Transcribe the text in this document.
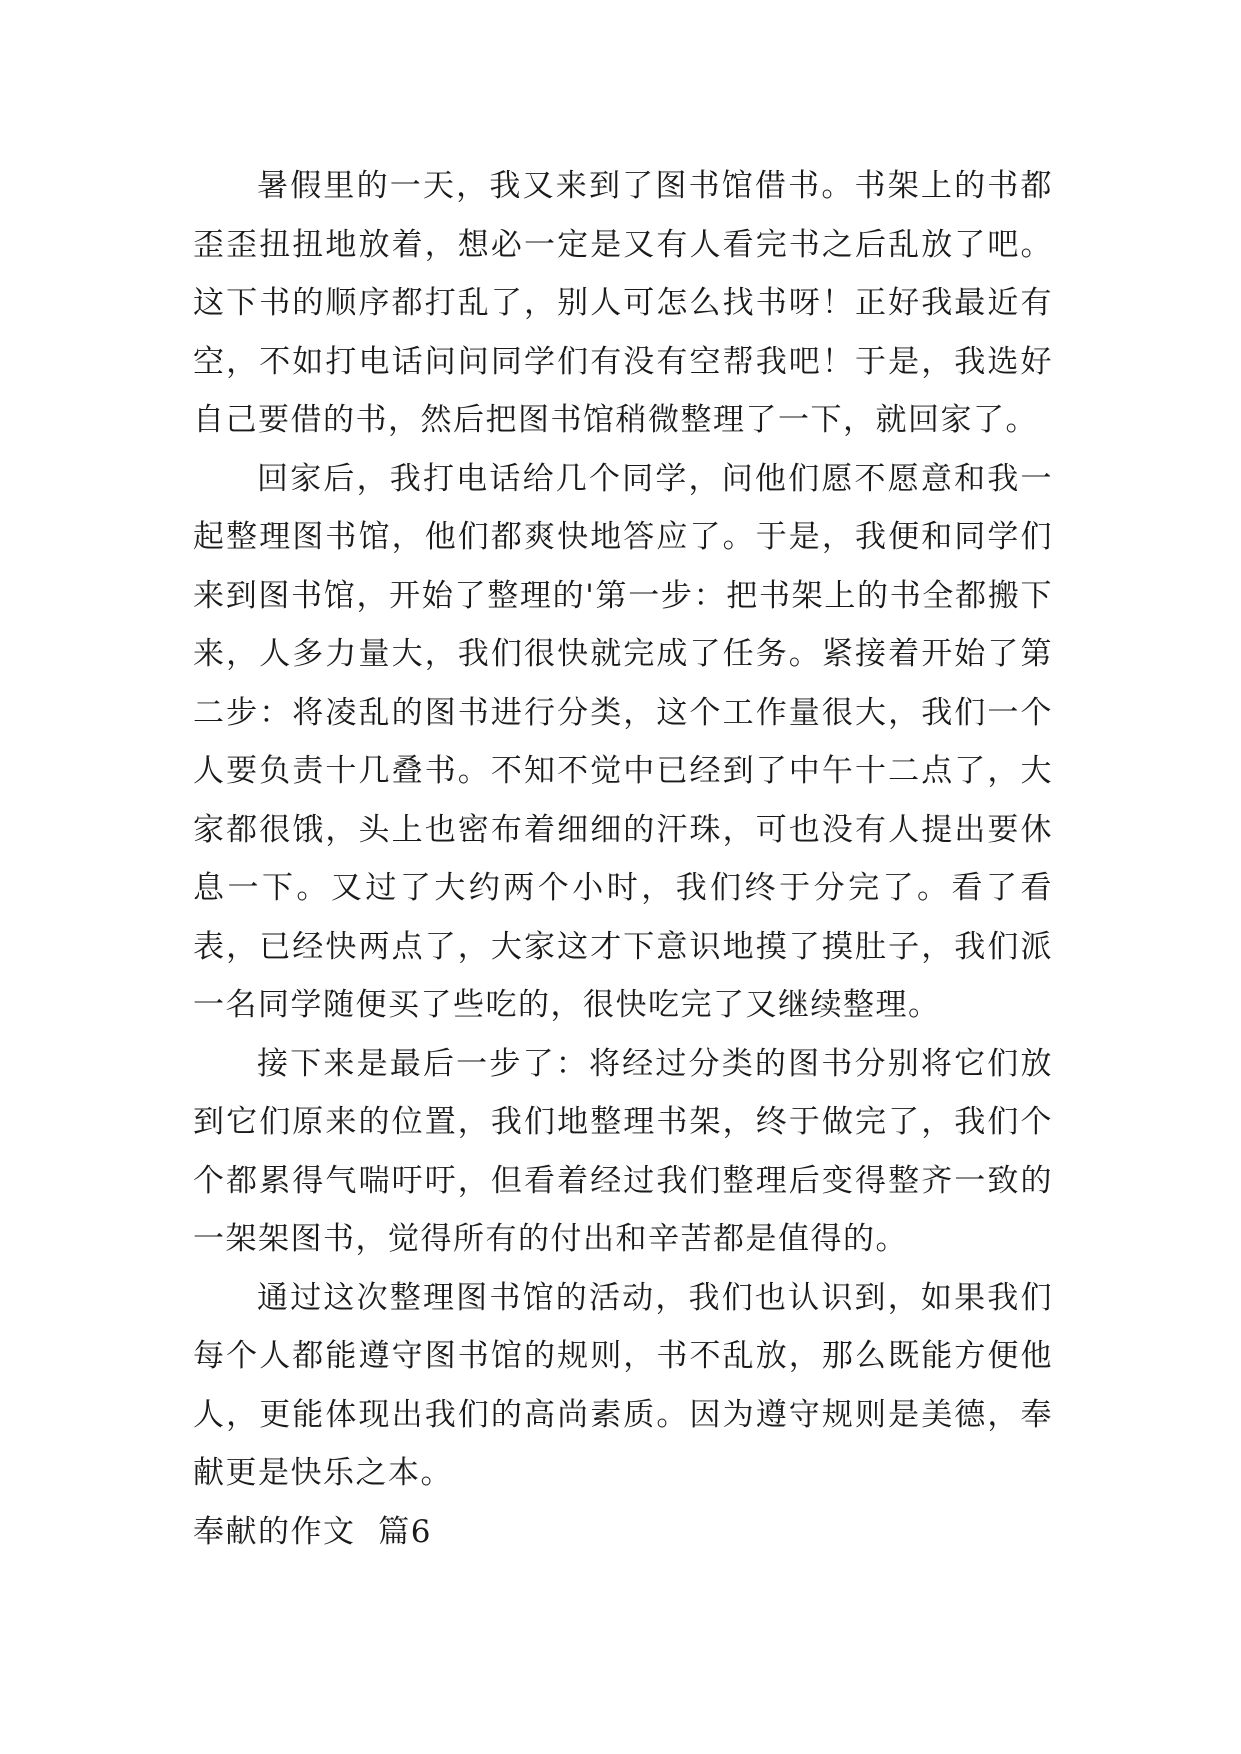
暑假里的一天，我又来到了图书馆借书。书架上的书都歪歪扭扭地放着，想必一定是又有人看完书之后乱放了吧。这下书的顺序都打乱了，别人可怎么找书呀！正好我最近有空，不如打电话问问同学们有没有空帮我吧！于是，我选好自己要借的书，然后把图书馆稍微整理了一下，就回家了。

回家后，我打电话给几个同学，问他们愿不愿意和我一起整理图书馆，他们都爽快地答应了。于是，我便和同学们来到图书馆，开始了整理的'第一步：把书架上的书全都搬下来，人多力量大，我们很快就完成了任务。紧接着开始了第二步：将凌乱的图书进行分类，这个工作量很大，我们一个人要负责十几叠书。不知不觉中已经到了中午十二点了，大家都很饿，头上也密布着细细的汗珠，可也没有人提出要休息一下。又过了大约两个小时，我们终于分完了。看了看表，已经快两点了，大家这才下意识地摸了摸肚子，我们派一名同学随便买了些吃的，很快吃完了又继续整理。

接下来是最后一步了：将经过分类的图书分别将它们放到它们原来的位置，我们地整理书架，终于做完了，我们个个都累得气喘吁吁，但看着经过我们整理后变得整齐一致的一架架图书，觉得所有的付出和辛苦都是值得的。

通过这次整理图书馆的活动，我们也认识到，如果我们每个人都能遵守图书馆的规则，书不乱放，那么既能方便他人，更能体现出我们的高尚素质。因为遵守规则是美德，奉献更是快乐之本。

奉献的作文  篇6
